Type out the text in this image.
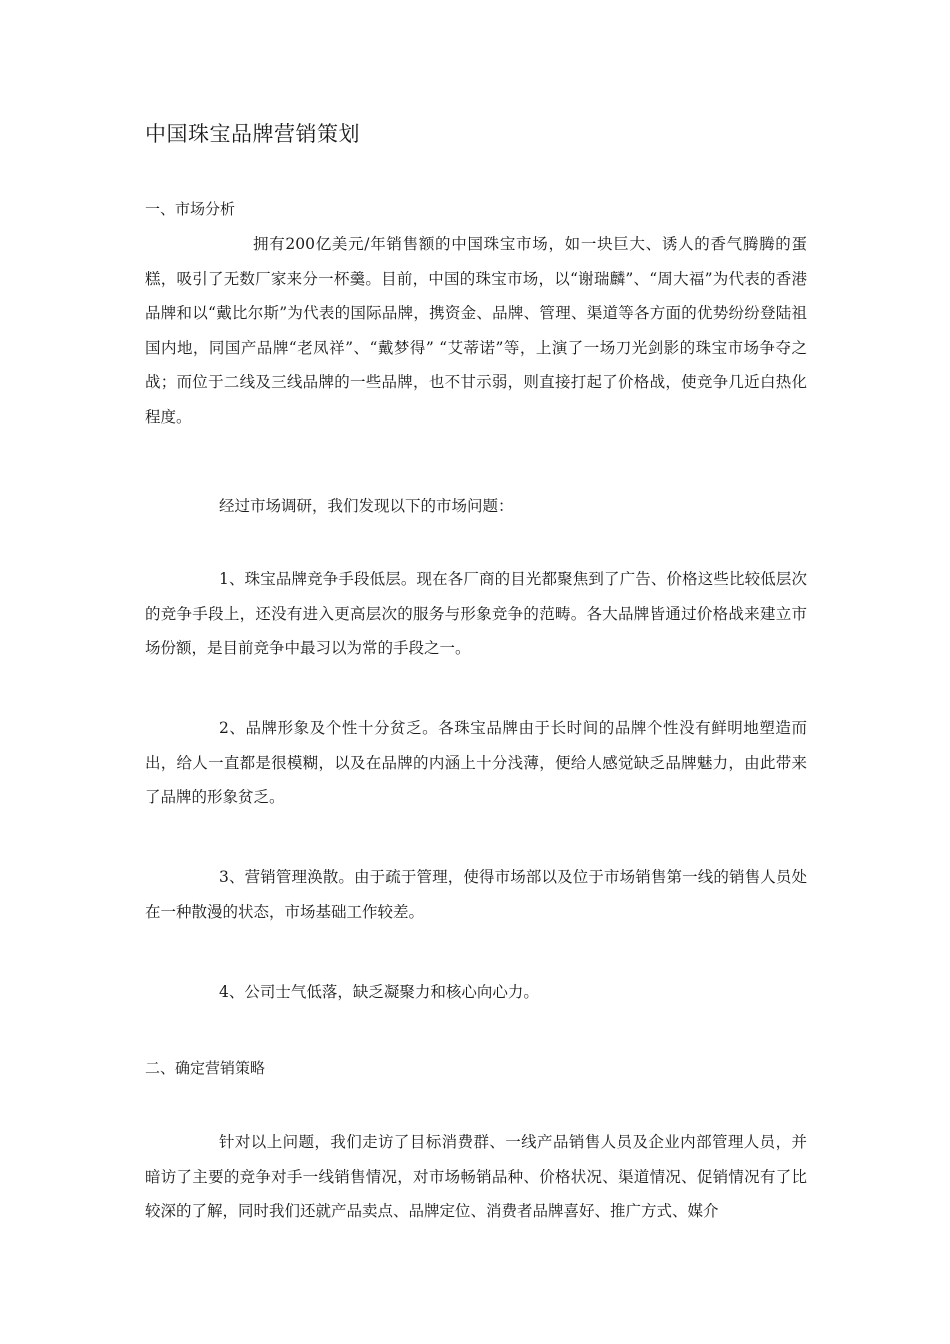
中国珠宝品牌营销策划

一、市场分析

拥有200亿美元/年销售额的中国珠宝市场，如一块巨大、诱人的香气腾腾的蛋糕，吸引了无数厂家来分一杯羹。目前，中国的珠宝市场，以“谢瑞麟”、“周大福”为代表的香港品牌和以“戴比尔斯”为代表的国际品牌，携资金、品牌、管理、渠道等各方面的优势纷纷登陆祖国内地，同国产品牌“老凤祥”、“戴梦得” “艾蒂诺”等，上演了一场刀光剑影的珠宝市场争夺之战；而位于二线及三线品牌的一些品牌，也不甘示弱，则直接打起了价格战，使竞争几近白热化程度。

经过市场调研，我们发现以下的市场问题：

1、珠宝品牌竞争手段低层。现在各厂商的目光都聚焦到了广告、价格这些比较低层次的竞争手段上，还没有进入更高层次的服务与形象竞争的范畴。各大品牌皆通过价格战来建立市场份额，是目前竞争中最习以为常的手段之一。

2、品牌形象及个性十分贫乏。各珠宝品牌由于长时间的品牌个性没有鲜明地塑造而出，给人一直都是很模糊，以及在品牌的内涵上十分浅薄，便给人感觉缺乏品牌魅力，由此带来了品牌的形象贫乏。

3、营销管理涣散。由于疏于管理，使得市场部以及位于市场销售第一线的销售人员处在一种散漫的状态，市场基础工作较差。

4、公司士气低落，缺乏凝聚力和核心向心力。

二、确定营销策略

针对以上问题，我们走访了目标消费群、一线产品销售人员及企业内部管理人员，并暗访了主要的竞争对手一线销售情况，对市场畅销品种、价格状况、渠道情况、促销情况有了比较深的了解，同时我们还就产品卖点、品牌定位、消费者品牌喜好、推广方式、媒介
